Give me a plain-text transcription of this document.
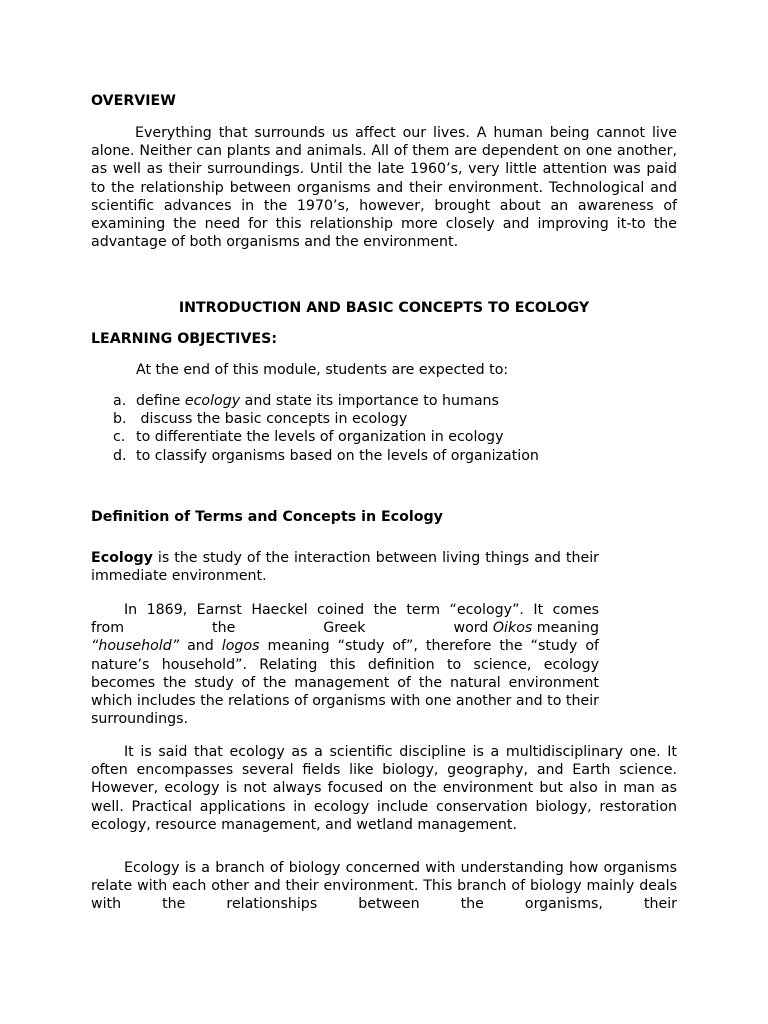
OVERVIEW

Everything that surrounds us affect our lives. A human being cannot live alone. Neither can plants and animals. All of them are dependent on one another, as well as their surroundings. Until the late 1960’s, very little attention was paid to the relationship between organisms and their environment. Technological and scientific advances in the 1970’s, however, brought about an awareness of examining the need for this relationship more closely and improving it-to the advantage of both organisms and the environment.

INTRODUCTION AND BASIC CONCEPTS TO ECOLOGY
LEARNING OBJECTIVES:
At the end of this module, students are expected to:
a. define ecology and state its importance to humans
b. discuss the basic concepts in ecology
c. to differentiate the levels of organization in ecology
d. to classify organisms based on the levels of organization
Definition of Terms and Concepts in Ecology

Ecology is the study of the interaction between living things and their immediate environment.

In 1869, Earnst Haeckel coined the term “ecology”. It comes
from	the	Greek	word Oikos meaning
“household” and logos meaning “study of”, therefore the “study of nature’s household”. Relating this definition to science, ecology becomes the study of the management of the natural environment which includes the relations of organisms with one another and to their surroundings.

It is said that ecology as a scientific discipline is a multidisciplinary one. It often encompasses several fields like biology, geography, and Earth science. However, ecology is not always focused on the environment but also in man as well. Practical applications in ecology include conservation biology, restoration ecology, resource management, and wetland management.

Ecology is a branch of biology concerned with understanding how organisms relate with each other and their environment. This branch of biology mainly deals with the relationships between the organisms, their
